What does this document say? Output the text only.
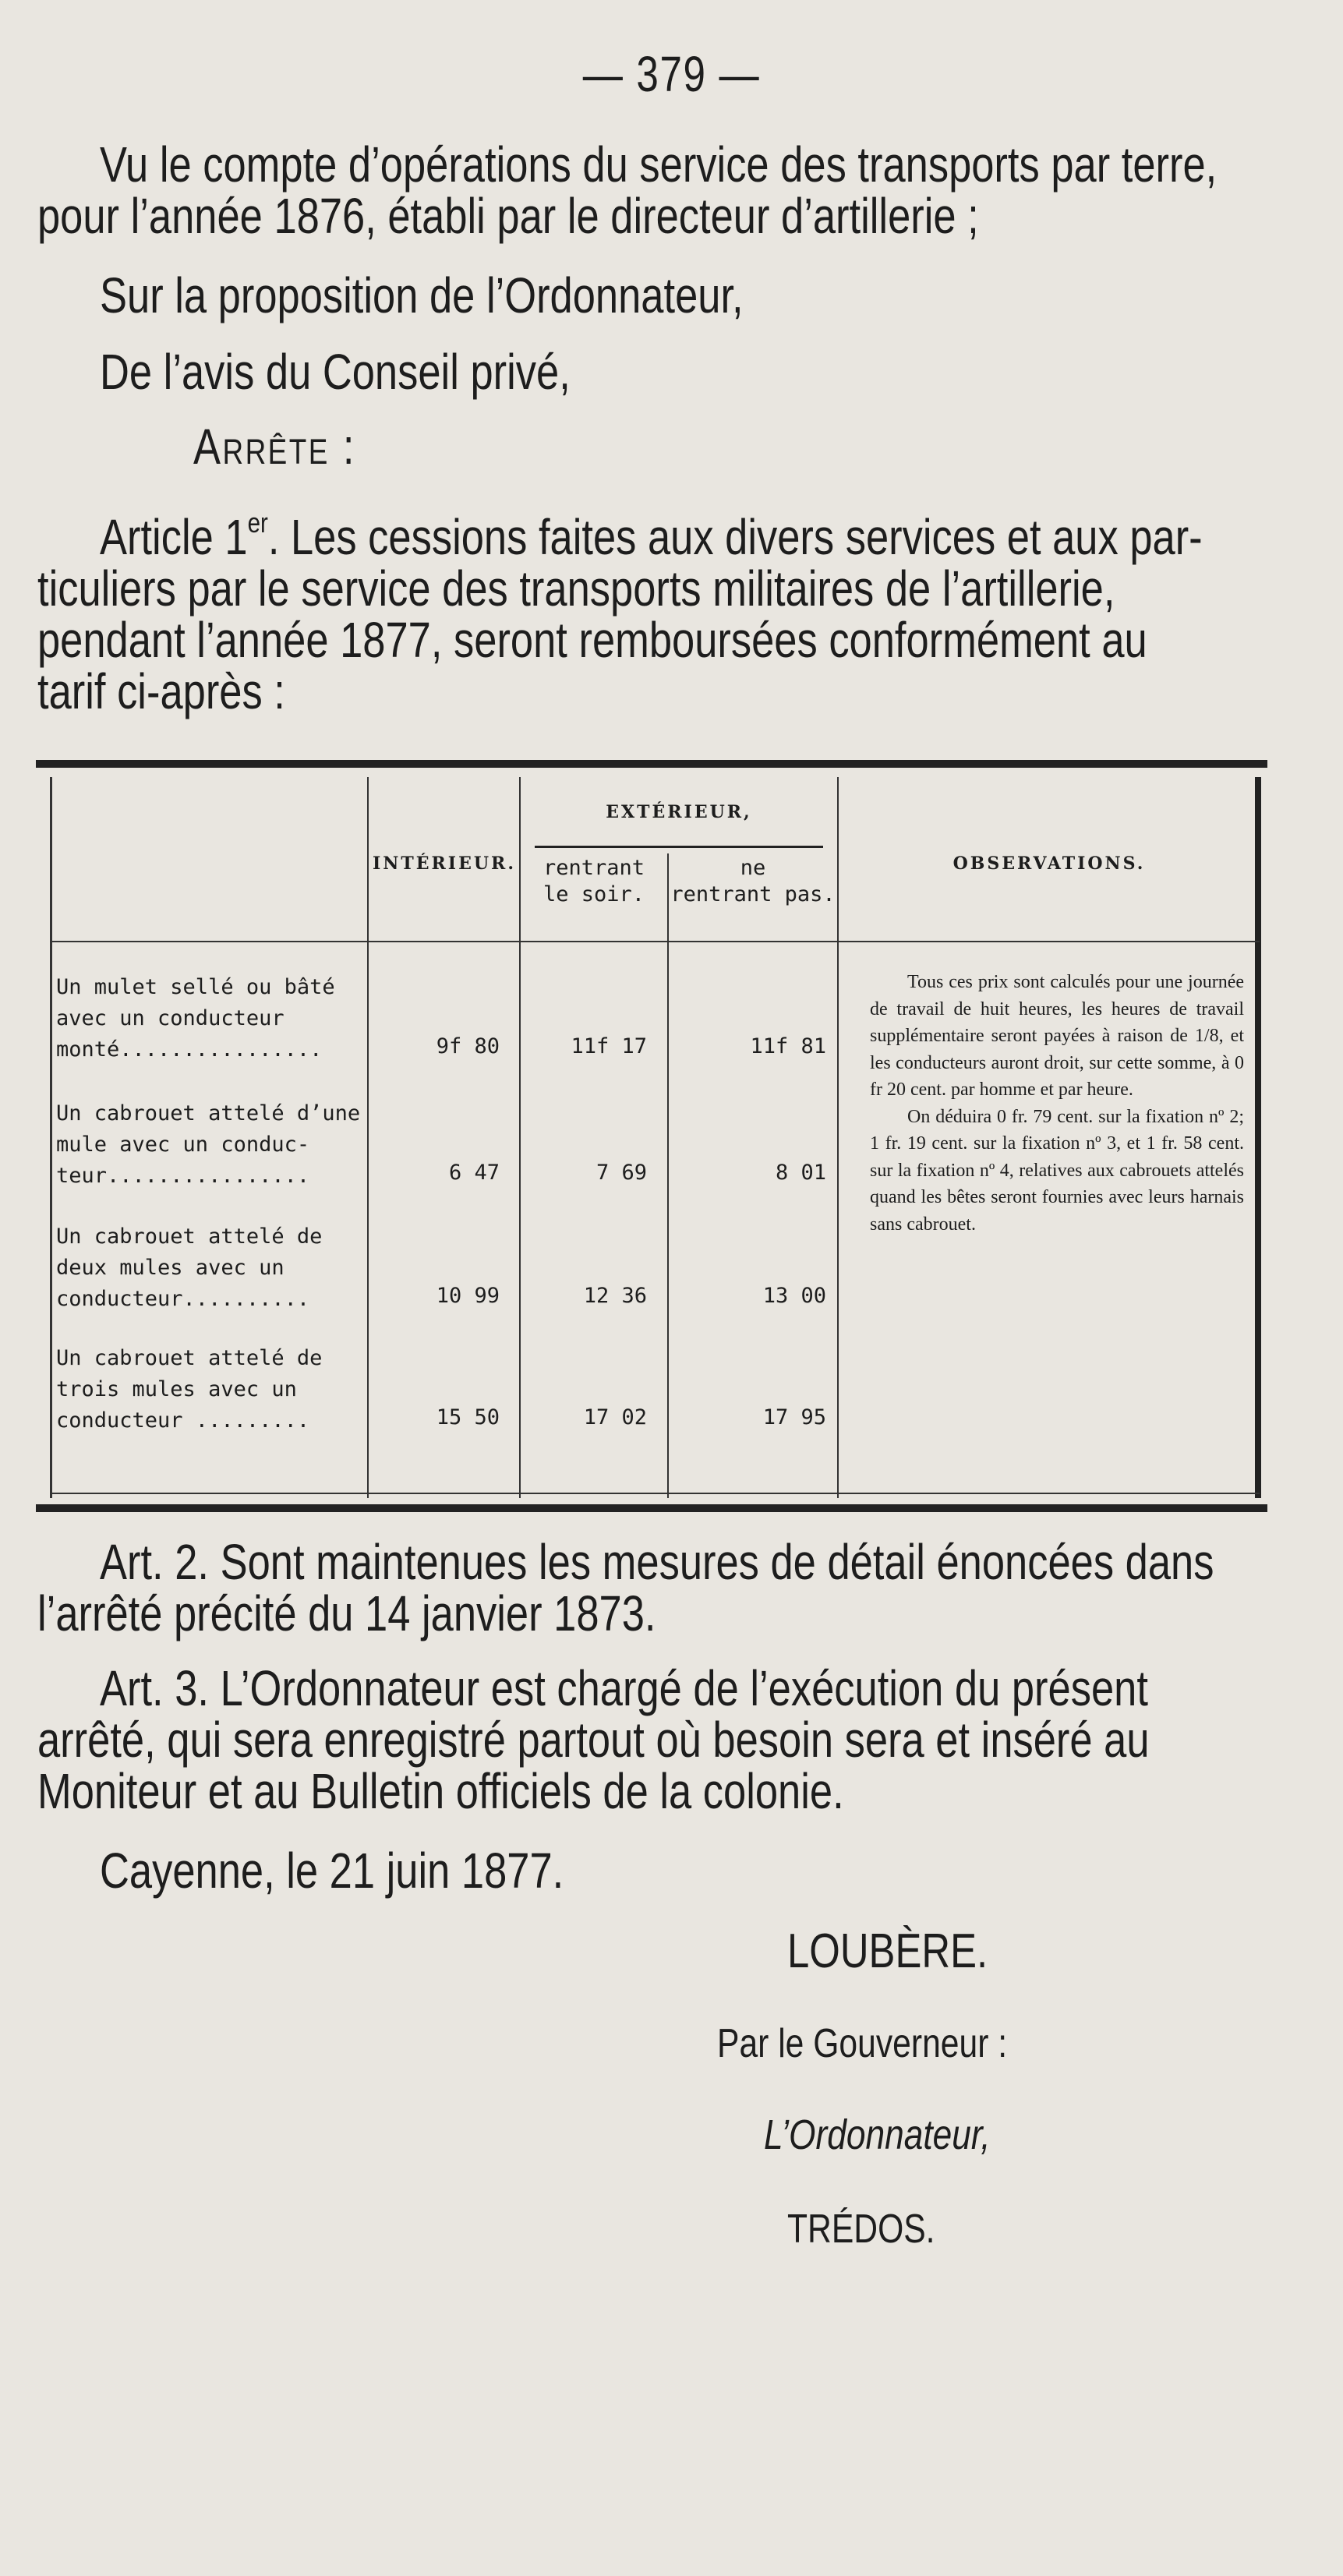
— 379 —
Vu le compte d’opérations du service des transports par terre,
pour l’année 1876, établi par le directeur d’artillerie ;
Sur la proposition de l’Ordonnateur,
De l’avis du Conseil privé,
Arrête :
Article 1er. Les cessions faites aux divers services et aux par-
ticuliers par le service des transports militaires de l’artillerie,
pendant l’année 1877, seront remboursées conformément au
tarif ci-après :
INTÉRIEUR.
EXTÉRIEUR,
rentrant
le soir.
ne
rentrant pas.
OBSERVATIONS.
Un mulet sellé ou bâté
avec un conducteur
monté................
Un cabrouet attelé d’une
mule avec un conduc-
teur................
Un cabrouet attelé de
deux mules avec un
conducteur..........
Un cabrouet attelé de
trois mules avec un
conducteur .........
9f 80
6 47
10 99
15 50
11f 17
7 69
12 36
17 02
11f 81
8 01
13 00
17 95

Tous ces prix sont calculés pour une journée de travail de huit heures, les heures de travail supplémentaire seront payées à raison de 1/8, et les conducteurs auront droit, sur cette somme, à 0 fr 20 cent. par homme et par heure.

On déduira 0 fr. 79 cent. sur la fixation nº 2; 1 fr. 19 cent. sur la fixation nº 3, et 1 fr. 58 cent. sur la fixation nº 4, relatives aux cabrouets attelés quand les bêtes seront fournies avec leurs harnais sans cabrouet.

Art. 2. Sont maintenues les mesures de détail énoncées dans
l’arrêté précité du 14 janvier 1873.
Art. 3. L’Ordonnateur est chargé de l’exécution du présent
arrêté, qui sera enregistré partout où besoin sera et inséré au
Moniteur et au Bulletin officiels de la colonie.
Cayenne, le 21 juin 1877.
LOUBÈRE.
Par le Gouverneur :
L’Ordonnateur,
TRÉDOS.
